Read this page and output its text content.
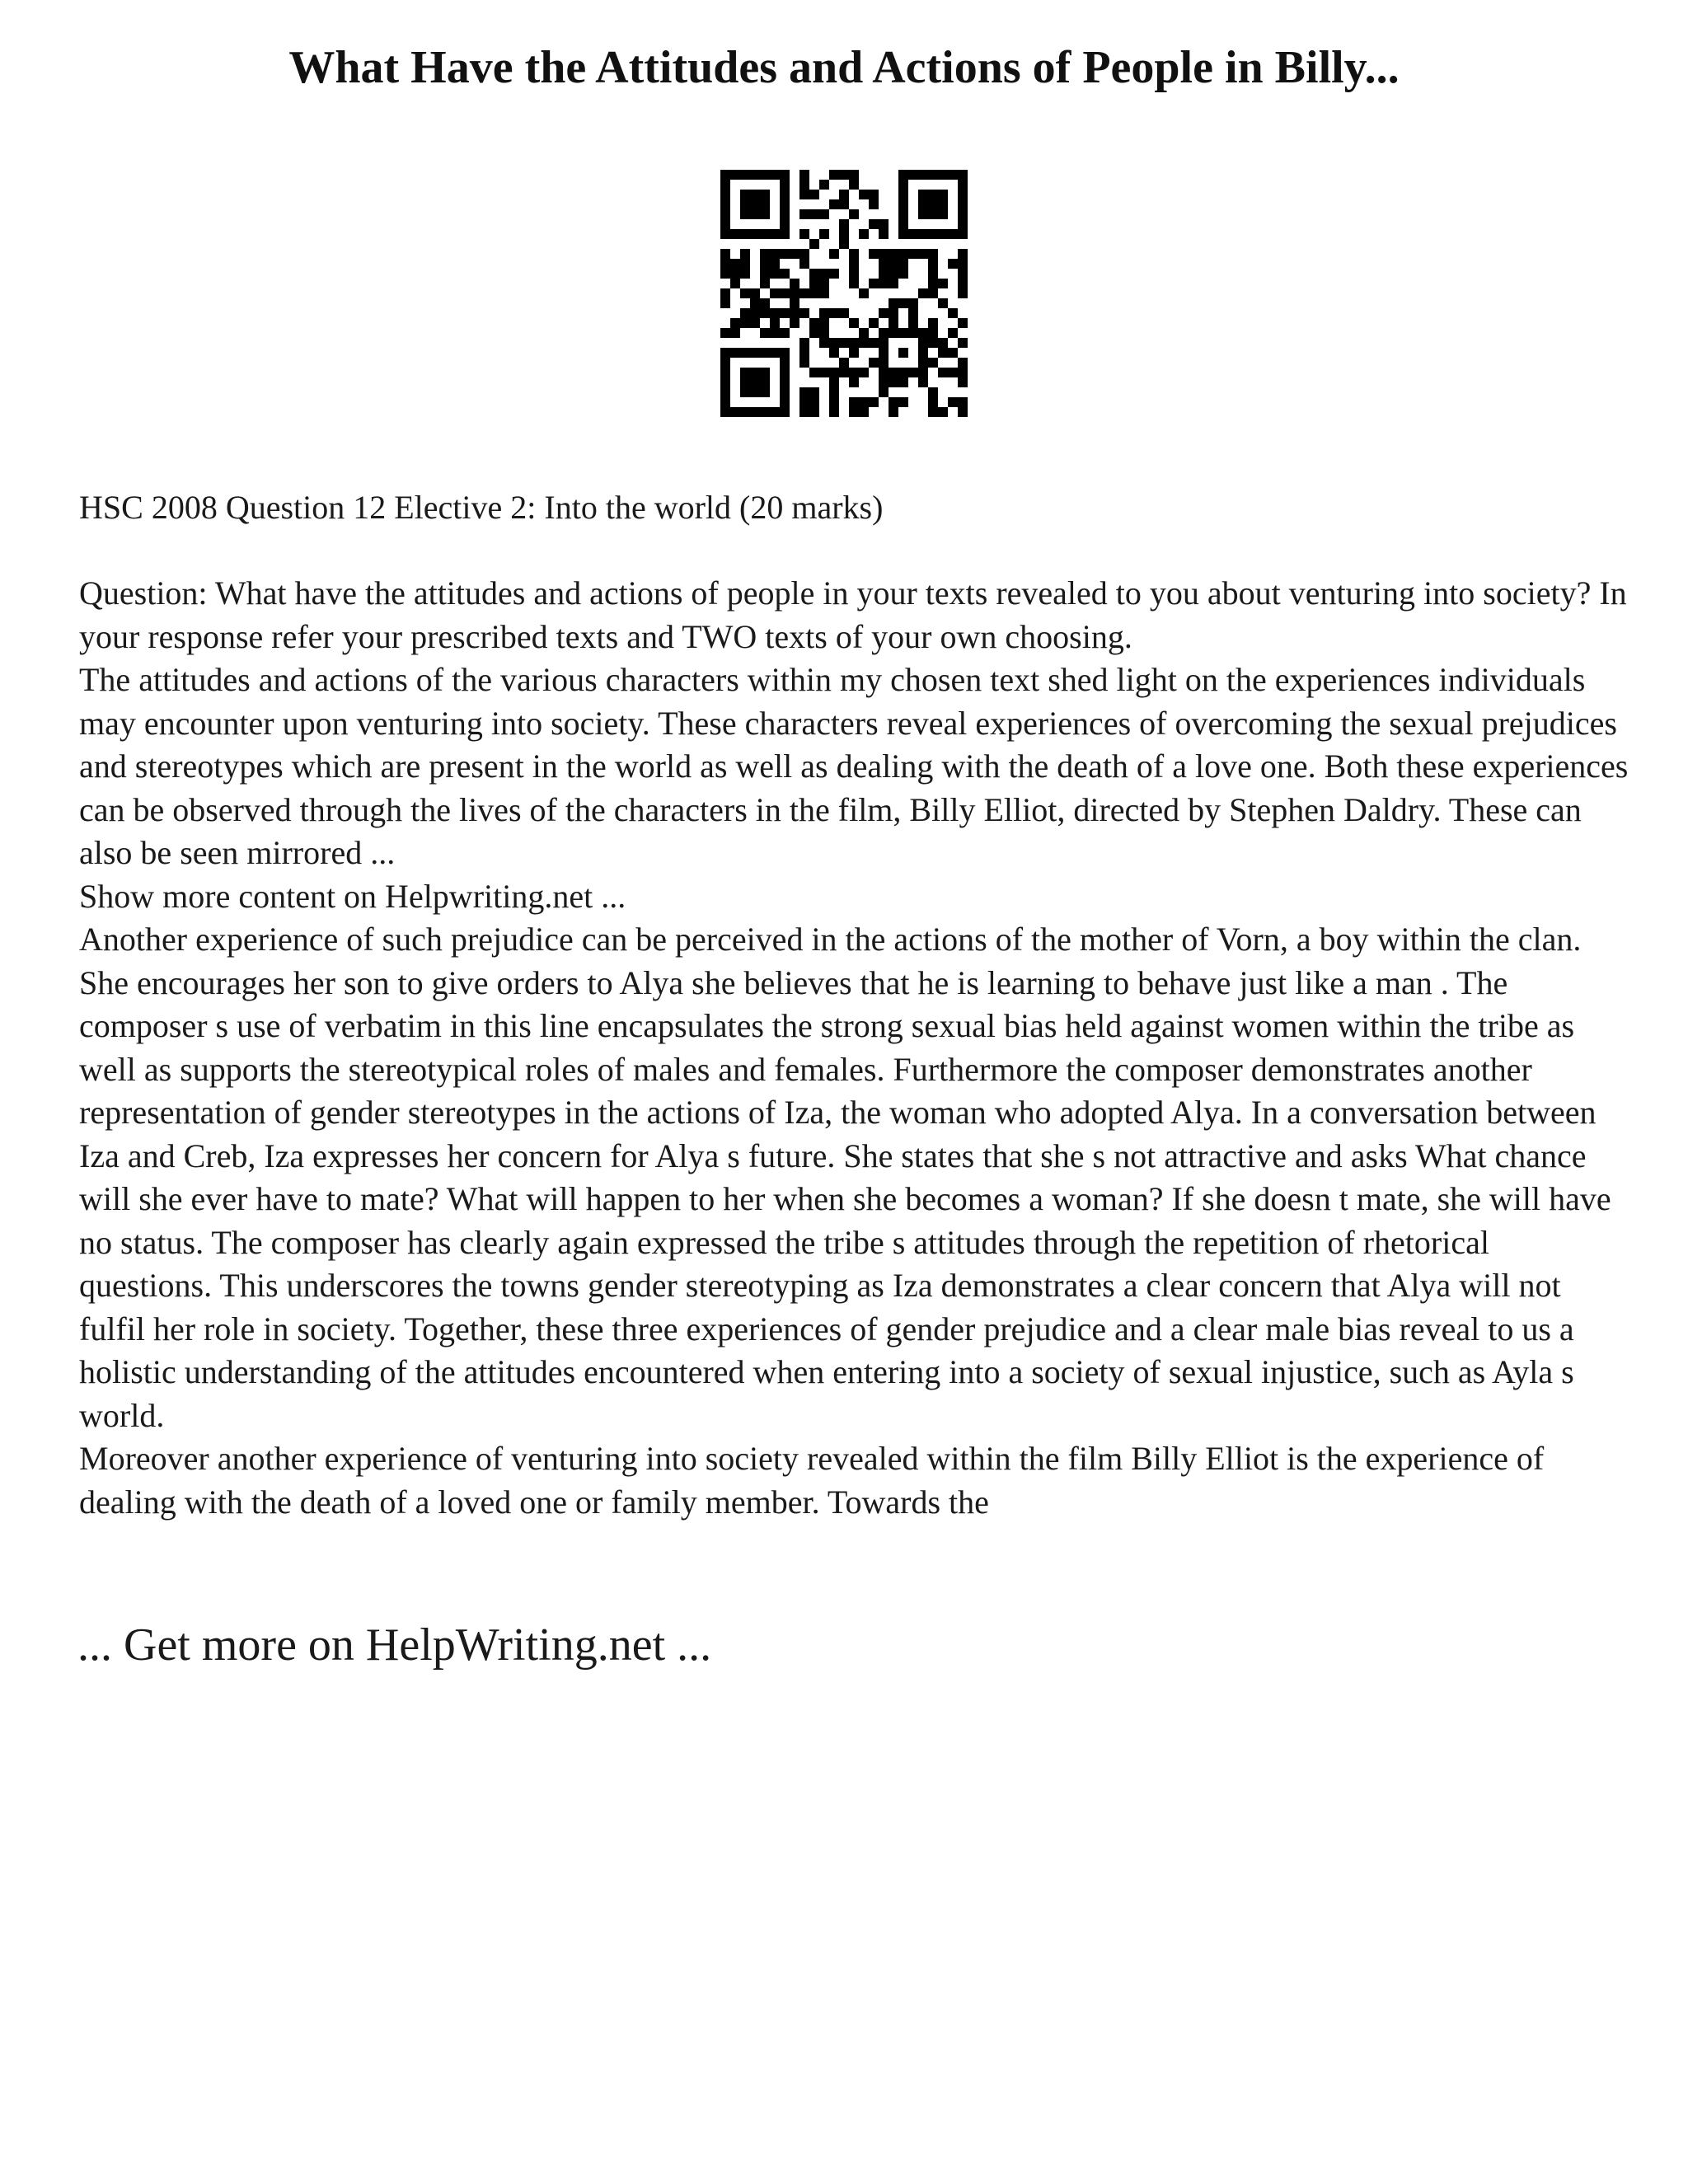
What Have the Attitudes and Actions of People in Billy...

HSC 2008 Question 12 Elective 2: Into the world (20 marks)

Question: What have the attitudes and actions of people in your texts revealed to you about venturing into society? In your response refer your prescribed texts and TWO texts of your own choosing.

The attitudes and actions of the various characters within my chosen text shed light on the experiences individuals may encounter upon venturing into society. These characters reveal experiences of overcoming the sexual prejudices and stereotypes which are present in the world as well as dealing with the death of a love one. Both these experiences can be observed through the lives of the characters in the film, Billy Elliot, directed by Stephen Daldry. These can also be seen mirrored ...

Show more content on Helpwriting.net ...

Another experience of such prejudice can be perceived in the actions of the mother of Vorn, a boy within the clan. She encourages her son to give orders to Alya she believes that he is learning to behave just like a man . The composer s use of verbatim in this line encapsulates the strong sexual bias held against women within the tribe as well as supports the stereotypical roles of males and females. Furthermore the composer demonstrates another representation of gender stereotypes in the actions of Iza, the woman who adopted Alya. In a conversation between Iza and Creb, Iza expresses her concern for Alya s future. She states that she s not attractive and asks What chance will she ever have to mate? What will happen to her when she becomes a woman? If she doesn t mate, she will have no status. The composer has clearly again expressed the tribe s attitudes through the repetition of rhetorical questions. This underscores the towns gender stereotyping as Iza demonstrates a clear concern that Alya will not fulfil her role in society. Together, these three experiences of gender prejudice and a clear male bias reveal to us a holistic understanding of the attitudes encountered when entering into a society of sexual injustice, such as Ayla s world.

Moreover another experience of venturing into society revealed within the film Billy Elliot is the experience of dealing with the death of a loved one or family member. Towards the

... Get more on HelpWriting.net ...
